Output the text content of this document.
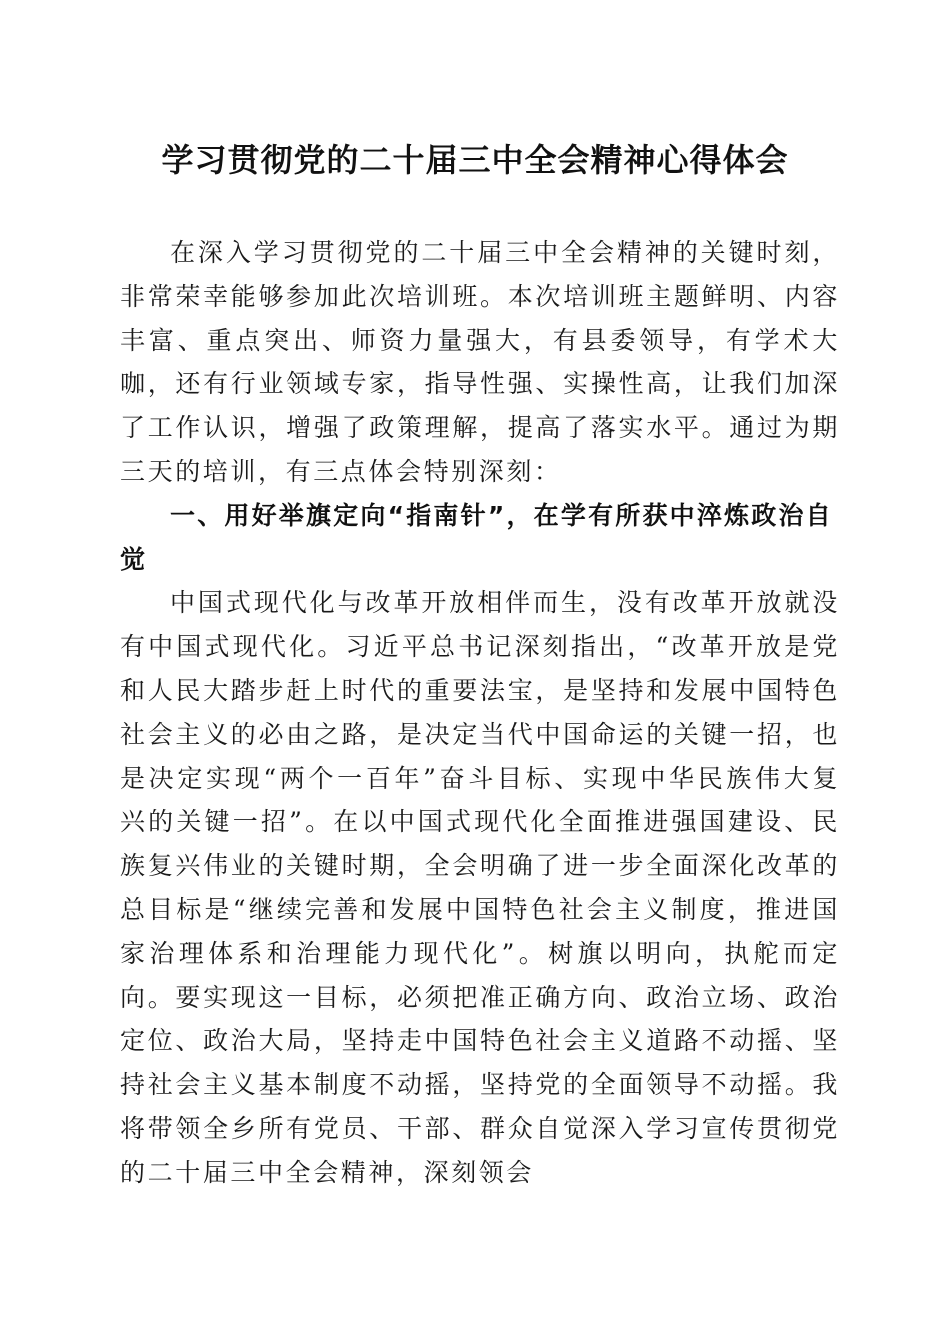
学习贯彻党的二十届三中全会精神心得体会

在深入学习贯彻党的二十届三中全会精神的关键时刻，非常荣幸能够参加此次培训班。本次培训班主题鲜明、内容丰富、重点突出、师资力量强大，有县委领导，有学术大咖，还有行业领域专家，指导性强、实操性高，让我们加深了工作认识，增强了政策理解，提高了落实水平。通过为期三天的培训，有三点体会特别深刻：

一、用好举旗定向“指南针”，在学有所获中淬炼政治自觉

中国式现代化与改革开放相伴而生，没有改革开放就没有中国式现代化。习近平总书记深刻指出，“改革开放是党和人民大踏步赶上时代的重要法宝，是坚持和发展中国特色社会主义的必由之路，是决定当代中国命运的关键一招，也是决定实现“两个一百年”奋斗目标、实现中华民族伟大复兴的关键一招”。在以中国式现代化全面推进强国建设、民族复兴伟业的关键时期，全会明确了进一步全面深化改革的总目标是“继续完善和发展中国特色社会主义制度，推进国家治理体系和治理能力现代化”。树旗以明向，执舵而定向。要实现这一目标，必须把准正确方向、政治立场、政治定位、政治大局，坚持走中国特色社会主义道路不动摇、坚持社会主义基本制度不动摇，坚持党的全面领导不动摇。我将带领全乡所有党员、干部、群众自觉深入学习宣传贯彻党的二十届三中全会精神，深刻领会
